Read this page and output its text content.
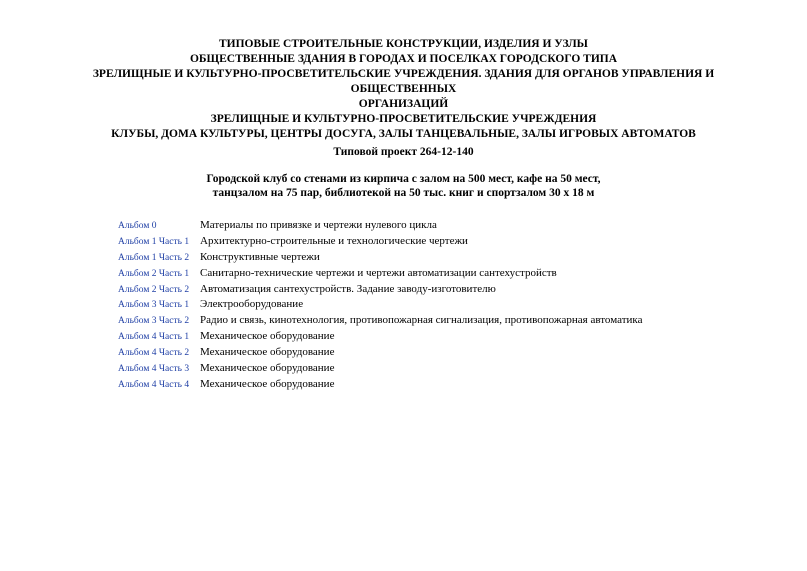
ТИПОВЫЕ СТРОИТЕЛЬНЫЕ КОНСТРУКЦИИ, ИЗДЕЛИЯ И УЗЛЫ
ОБЩЕСТВЕННЫЕ ЗДАНИЯ В ГОРОДАХ И ПОСЕЛКАХ ГОРОДСКОГО ТИПА
ЗРЕЛИЩНЫЕ И КУЛЬТУРНО-ПРОСВЕТИТЕЛЬСКИЕ УЧРЕЖДЕНИЯ. ЗДАНИЯ ДЛЯ ОРГАНОВ УПРАВЛЕНИЯ И ОБЩЕСТВЕННЫХ
ОРГАНИЗАЦИЙ
ЗРЕЛИЩНЫЕ И КУЛЬТУРНО-ПРОСВЕТИТЕЛЬСКИЕ УЧРЕЖДЕНИЯ
КЛУБЫ, ДОМА КУЛЬТУРЫ, ЦЕНТРЫ ДОСУГА, ЗАЛЫ ТАНЦЕВАЛЬНЫЕ, ЗАЛЫ ИГРОВЫХ АВТОМАТОВ
Типовой проект 264-12-140
Городской клуб со стенами из кирпича с залом на 500 мест, кафе на 50 мест,
танцзалом на 75 пар, библиотекой на 50 тыс. книг и спортзалом 30 х 18 м
Альбом 0	Материалы по привязке и чертежи нулевого цикла
Альбом 1 Часть 1 Архитектурно-строительные и технологические чертежи
Альбом 1 Часть 2 Конструктивные чертежи
Альбом 2 Часть 1 Санитарно-технические чертежи и чертежи автоматизации сантехустройств
Альбом 2 Часть 2 Автоматизация сантехустройств. Задание заводу-изготовителю
Альбом 3 Часть 1 Электрооборудование
Альбом 3 Часть 2 Радио и связь, кинотехнология, противопожарная сигнализация, противопожарная автоматика
Альбом 4 Часть 1 Механическое оборудование
Альбом 4 Часть 2 Механическое оборудование
Альбом 4 Часть 3 Механическое оборудование
Альбом 4 Часть 4 Механическое оборудование
